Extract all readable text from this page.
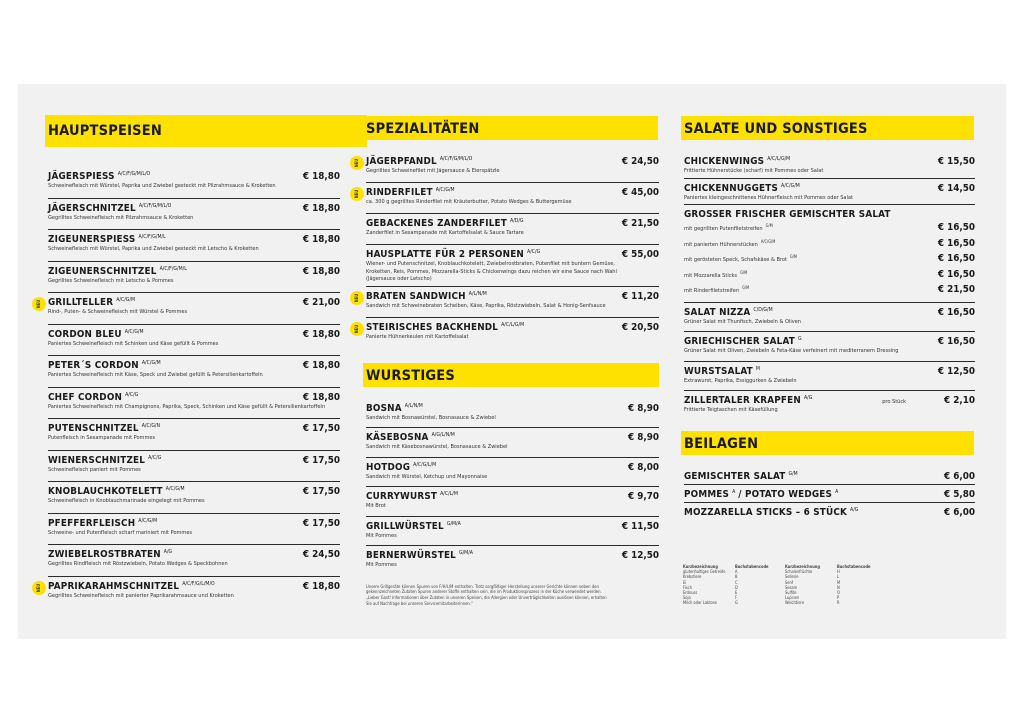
HAUPTSPEISEN
JÄGERSPIESS $^{A/C/F/G/M/L/O}$	€ 18,80
Schweinefleisch mit Würstel, Paprika und Zwiebel gesteckt mit Pilzrahmsauce & Kroketten
JÄGERSCHNITZEL $^{A/C/F/G/M/L/O}$	€ 18,80
Gegrilltes Schweinefleisch mit Pilzrahmsauce & Kroketten
ZIGEUNERSPIESS $^{A/C/F/G/M/L}$	€ 18,80
Schweinefleisch mit Würstel, Paprika und Zwiebel gesteckt mit Letscho & Kroketten
ZIGEUNERSCHNITZEL $^{A/C/F/G/M/L}$	€ 18,80
Gegrilltes Schweinefleisch mit Letscho & Pommes
NEU GRILLTELLER $^{A/C/G/M}$	€ 21,00
Rind-, Puten- & Schweinefleisch mit Würstel & Pommes
CORDON BLEU $^{A/C/G/M}$	€ 18,80
Paniertes Schweinefleisch mit Schinken und Käse gefüllt & Pommes
PETER´S CORDON $^{A/C/G/M}$	€ 18,80
Paniertes Schweinefleisch mit Käse, Speck und Zwiebel gefüllt & Petersilienkartoffeln
CHEF CORDON $^{A/C/G}$	€ 18,80
Paniertes Schweinefleisch mit Champignons, Paprika, Speck, Schinken und Käse gefüllt & Petersilienkartoffeln
PUTENSCHNITZEL $^{A/C/G/N}$	€ 17,50
Putenfleisch in Sesampanade mit Pommes
WIENERSCHNITZEL $^{A/C/G}$	€ 17,50
Schweinefleisch paniert mit Pommes
KNOBLAUCHKOTELETT $^{A/C/G/M}$	€ 17,50
Schweinefleisch in Knoblauchmarinade eingelegt mit Pommes
PFEFFERFLEISCH $^{A/C/G/M}$	€ 17,50
Schweine- und Putenfleisch scharf mariniert mit Pommes
ZWIEBELROSTBRATEN $^{A/G}$	€ 24,50
Gegrilltes Rindfleisch mit Röstzwiebeln, Potato Wedges & Speckbohnen
NEU PAPRIKARAHMSCHNITZEL $^{A/C/F/G/L/M/O}$	€ 18,80
Gegrilltes Schweinefleisch mit panierter Paprikarahmsauce und Kroketten
SPEZIALITÄTEN
NEU JÄGERPFANDL $^{A/C/F/G/M/L/O}$	€ 24,50
Gegrilltes Schweinefilet mit Jägersauce & Eierspätzle
NEU RINDERFILET $^{A/C/G/M}$	€ 45,00
ca. 300 g gegrilltes Rinderfilet mit Kräuterbutter, Potato Wedges & Buttergemüse
GEBACKENES ZANDERFILET $^{A/D/G}$	€ 21,50
Zanderfilet in Sesampanade mit Kartoffelsalat & Sauce Tartare
HAUSPLATTE FÜR 2 PERSONEN $^{A/C/G}$	€ 55,00
Wiener- und Putenschnitzel, Knoblauchkotelett, Zwiebelrostbraten, Putenfilet mit buntem Gemüse,
Kroketten, Reis, Pommes, Mozzarella-Sticks & Chickenwings dazu reichen wir eine Sauce nach Wahl
(Jägersauce oder Letscho)
NEU BRATEN SANDWICH $^{A/L/N/M}$	€ 11,20
Sandwich mit Schweinebraten Scheiben, Käse, Paprika, Röstzwiebeln, Salat & Honig-Senfsauce
NEU STEIRISCHES BACKHENDL $^{A/C/L/G/M}$	€ 20,50
Panierte Hühnerkeulen mit Kartoffelsalat
WURSTIGES
BOSNA $^{A/L/N/M}$	€ 8,90
Sandwich mit Bosnawürstel, Bosnasauce & Zwiebel
KÄSEBOSNA $^{A/G/L/N/M}$	€ 8,90
Sandwich mit Käsebosnawürstel, Bosnasauce & Zwiebel
HOTDOG $^{A/C/G/L/M}$	€ 8,00
Sandwich mit Würstel, Ketchup und Mayonnaise
CURRYWURST $^{A/C/L/M}$	€ 9,70
Mit Brot
GRILLWÜRSTEL $^{G/M/A}$	€ 11,50
Mit Pommes
BERNERWÜRSTEL $^{G/M/A}$	€ 12,50
Mit Pommes
Unsere Grillgeräte können Spuren von F/H/L/M enthalten. Trotz sorgfältiger Herstellung unserer Gerichte können neben den
gekennzeichneten Zutaten Spuren anderer Stoffe enthalten sein, die im Produktionsprozess in der Küche verwendet werden.
„Lieber Gast! Informationen über Zutaten in unseren Speisen, die Allergien oder Unverträglichkeiten auslösen können, erhalten
Sie auf Nachfrage bei unseren Servicemitarbeiterinnen.“
SALATE UND SONSTIGES
CHICKENWINGS $^{A/C/L/G/M}$	€ 15,50
Frittierte Hühnerstücke (scharf) mit Pommes oder Salat
CHICKENNUGGETS $^{A/C/G/M}$	€ 14,50
Paniertes kleingeschnittenes Hühnerfleisch mit Pommes oder Salat
GROSSER FRISCHER GEMISCHTER SALAT
mit gegrillten Putenfiletstreifen$^{G/M}$	€ 16,50
mit panierten Hühnerstücken$^{A/C/G/M}$	€ 16,50
mit gerösteten Speck, Schafskäse & Brot$^{G/M}$	€ 16,50
mit Mozzarella Sticks$^{G/M}$	€ 16,50
mit Rinderfiletstreifen$^{G/M}$	€ 21,50
SALAT NIZZA $^{C/D/G/M}$	€ 16,50
Grüner Salat mit Thunfisch, Zwiebeln & Oliven
GRIECHISCHER SALAT $^G$	€ 16,50
Grüner Salat mit Oliven, Zwiebeln & Feta-Käse verfeinert mit mediterranem Dressing
WURSTSALAT $^M$	€ 12,50
Extrawurst, Paprika, Essiggurken & Zwiebeln
ZILLERTALER KRAPFEN $^{A/G}$
pro Stück	€ 2,10
Frittierte Teigtaschen mit Käsefüllung
BEILAGEN
GEMISCHTER SALAT $^{G/M}$	€ 6,00
POMMES $^A$ / POTATO WEDGES $^A$	€ 5,80
MOZZARELLA STICKS – 6 STÜCK $^{A/G}$	€ 6,00
Kurzbezeichnung	Buchstabencode
glutenhaltiges Getreide	A
Krebstiere	B
Ei	C
Fisch	D
Erdnuss	E
Soja	F
Milch oder Laktose	G
Kurzbezeichnung	Buchstabencode
Schalenfrüchte	H
Sellerie	L
Senf	M
Sesam	N
Sulfite	O
Lupinen	P
Weichtiere	R
